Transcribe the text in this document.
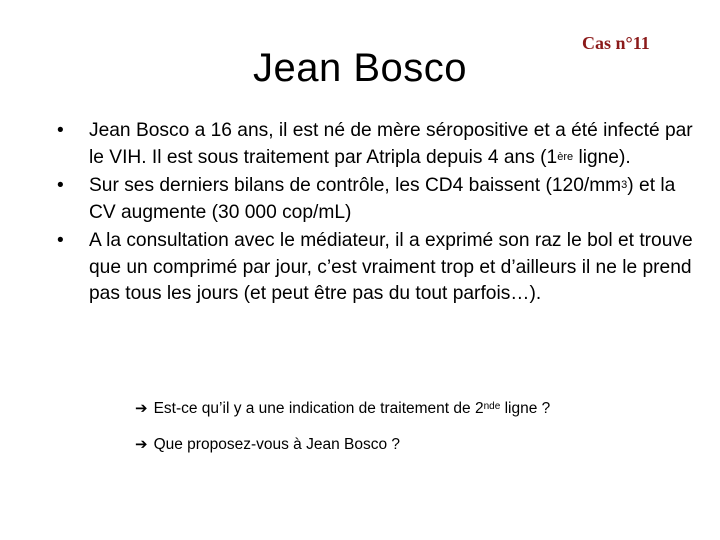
Jean Bosco
Cas n°11
• Jean Bosco a 16 ans, il est né de mère séropositive et a été infecté par le VIH. Il est sous traitement par Atripla depuis 4 ans (1ère ligne).
• Sur ses derniers bilans de contrôle, les CD4 baissent $(120/mm^3)$ et la CV augmente (30 000 cop/mL)
• A la consultation avec le médiateur, il a exprimé son raz le bol et trouve que un comprimé par jour, c’est vraiment trop et d’ailleurs il ne le prend pas tous les jours (et peut être pas du tout parfois…).
➔ Est-ce qu’il y a une indication de traitement de 2nde ligne ?
➔ Que proposez-vous à Jean Bosco ?
